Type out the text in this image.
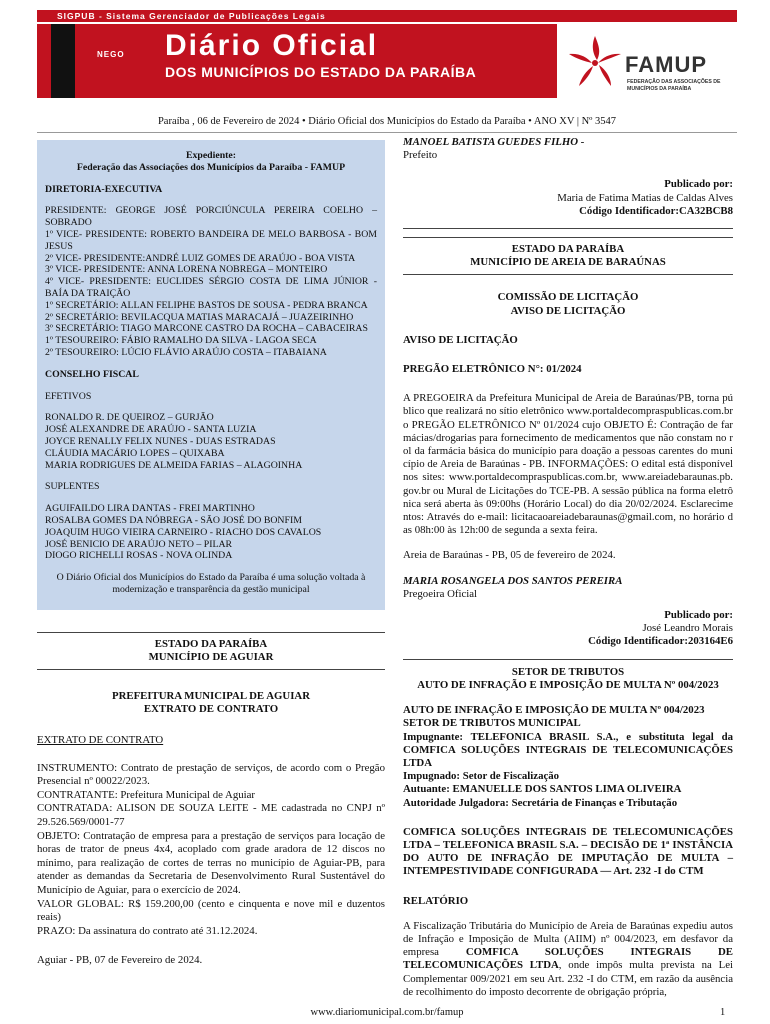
SIGPUB - Sistema Gerenciador de Publicações Legais
NEGO Diário Oficial
DOS MUNICÍPIOS DO ESTADO DA PARAÍBA	FAMUP
FEDERAÇÃO DAS ASSOCIAÇÕES DE MUNICÍPIOS DA PARAÍBA
Paraíba , 06 de Fevereiro de 2024 • Diário Oficial dos Municípios do Estado da Paraíba • ANO XV | Nº 3547
Expediente:
Federação das Associações dos Municípios da Paraíba - FAMUP
DIRETORIA-EXECUTIVA
PRESIDENTE: GEORGE JOSÉ PORCIÚNCULA PEREIRA COELHO – SOBRADO
1º VICE- PRESIDENTE: ROBERTO BANDEIRA DE MELO BARBOSA - BOM JESUS
2º VICE- PRESIDENTE:ANDRÉ LUIZ GOMES DE ARAÚJO - BOA VISTA
3º VICE- PRESIDENTE: ANNA LORENA NOBREGA – MONTEIRO
4º VICE- PRESIDENTE: EUCLIDES SÉRGIO COSTA DE LIMA JÚNIOR - BAÍA DA TRAIÇÃO
1º SECRETÁRIO: ALLAN FELIPHE BASTOS DE SOUSA - PEDRA BRANCA
2º SECRETÁRIO: BEVILACQUA MATIAS MARACAJÁ – JUAZEIRINHO
3º SECRETÁRIO: TIAGO MARCONE CASTRO DA ROCHA – CABACEIRAS
1º TESOUREIRO: FÁBIO RAMALHO DA SILVA - LAGOA SECA
2º TESOUREIRO: LÚCIO FLÁVIO ARAÚJO COSTA – ITABAIANA
CONSELHO FISCAL
EFETIVOS
RONALDO R. DE QUEIROZ – GURJÃO
JOSÉ ALEXANDRE DE ARAÚJO - SANTA LUZIA
JOYCE RENALLY FELIX NUNES - DUAS ESTRADAS
CLÁUDIA MACÁRIO LOPES – QUIXABA
MARIA RODRIGUES DE ALMEIDA FARIAS – ALAGOINHA
SUPLENTES
AGUIFAILDO LIRA DANTAS - FREI MARTINHO
ROSALBA GOMES DA NÓBREGA - SÃO JOSÉ DO BONFIM
JOAQUIM HUGO VIEIRA CARNEIRO - RIACHO DOS CAVALOS
JOSÉ BENICIO DE ARAÚJO NETO – PILAR
DIOGO RICHELLI ROSAS - NOVA OLINDA
O Diário Oficial dos Municípios do Estado da Paraíba é uma solução voltada à modernização e transparência da gestão municipal
ESTADO DA PARAÍBA
MUNICÍPIO DE AGUIAR
PREFEITURA MUNICIPAL DE AGUIAR
EXTRATO DE CONTRATO
EXTRATO DE CONTRATO
INSTRUMENTO: Contrato de prestação de serviços, de acordo com o Pregão Presencial nº 00022/2023.
CONTRATANTE: Prefeitura Municipal de Aguiar
CONTRATADA: ALISON DE SOUZA LEITE - ME cadastrada no CNPJ nº 29.526.569/0001-77
OBJETO: Contratação de empresa para a prestação de serviços para locação de horas de trator de pneus 4x4, acoplado com grade aradora de 12 discos no mínimo, para realização de cortes de terras no município de Aguiar-PB, para atender as demandas da Secretaria de Desenvolvimento Rural Sustentável do Município de Aguiar, para o exercício de 2024.
VALOR GLOBAL: R$ 159.200,00 (cento e cinquenta e nove mil e duzentos reais)
PRAZO: Da assinatura do contrato até 31.12.2024.
Aguiar - PB, 07 de Fevereiro de 2024.
MANOEL BATISTA GUEDES FILHO -
Prefeito
Publicado por:
Maria de Fatima Matias de Caldas Alves
Código Identificador:CA32BCB8
ESTADO DA PARAÍBA
MUNICÍPIO DE AREIA DE BARAÚNAS
COMISSÃO DE LICITAÇÃO
AVISO DE LICITAÇÃO
AVISO DE LICITAÇÃO
PREGÃO ELETRÔNICO N°: 01/2024
A PREGOEIRA da Prefeitura Municipal de Areia de Baraúnas/PB, torna público que realizará no sítio eletrônico www.portaldecompraspublicas.com.br o PREGÃO ELETRÔNICO Nº 01/2024 cujo OBJETO É: Contração de farmácias/drogarias para fornecimento de medicamentos que não constam no rol da farmácia básica do município para doação a pessoas carentes do município de Areia de Baraúnas - PB. INFORMAÇÕES: O edital está disponível nos sites: www.portaldecompraspublicas.com.br, www.areiadebaraunas.pb.gov.br ou Mural de Licitações do TCE-PB. A sessão pública na forma eletrônica será aberta às 09:00hs (Horário Local) do dia 20/02/2024. Esclarecimentos: Através do e-mail: licitacaoareiadebaraunas@gmail.com, no horário das 08h:00 às 12h:00 de segunda a sexta feira.
Areia de Baraúnas - PB, 05 de fevereiro de 2024.
MARIA ROSANGELA DOS SANTOS PEREIRA
Pregoeira Oficial
Publicado por:
José Leandro Morais
Código Identificador:203164E6
SETOR DE TRIBUTOS
AUTO DE INFRAÇÃO E IMPOSIÇÃO DE MULTA Nº 004/2023
AUTO DE INFRAÇÃO E IMPOSIÇÃO DE MULTA Nº 004/2023
SETOR DE TRIBUTOS MUNICIPAL
Impugnante: TELEFONICA BRASIL S.A., e substituta legal da COMFICA SOLUÇÕES INTEGRAIS DE TELECOMUNICAÇÕES LTDA
Impugnado: Setor de Fiscalização
Autuante: EMANUELLE DOS SANTOS LIMA OLIVEIRA
Autoridade Julgadora: Secretária de Finanças e Tributação
COMFICA SOLUÇÕES INTEGRAIS DE TELECOMUNICAÇÕES LTDA – TELEFONICA BRASIL S.A. – DECISÃO DE 1ª INSTÂNCIA DO AUTO DE INFRAÇÃO DE IMPUTAÇÃO DE MULTA – INTEMPESTIVIDADE CONFIGURADA — Art. 232 -I do CTM
RELATÓRIO
A Fiscalização Tributária do Município de Areia de Baraúnas expediu autos de Infração e Imposição de Multa (AIIM) nº 004/2023, em desfavor da empresa COMFICA SOLUÇÕES INTEGRAIS DE TELECOMUNICAÇÕES LTDA, onde impôs multa prevista na Lei Complementar 009/2021 em seu Art. 232 -I do CTM, em razão da ausência de recolhimento do imposto decorrente de obrigação própria,
www.diariomunicipal.com.br/famup	1
